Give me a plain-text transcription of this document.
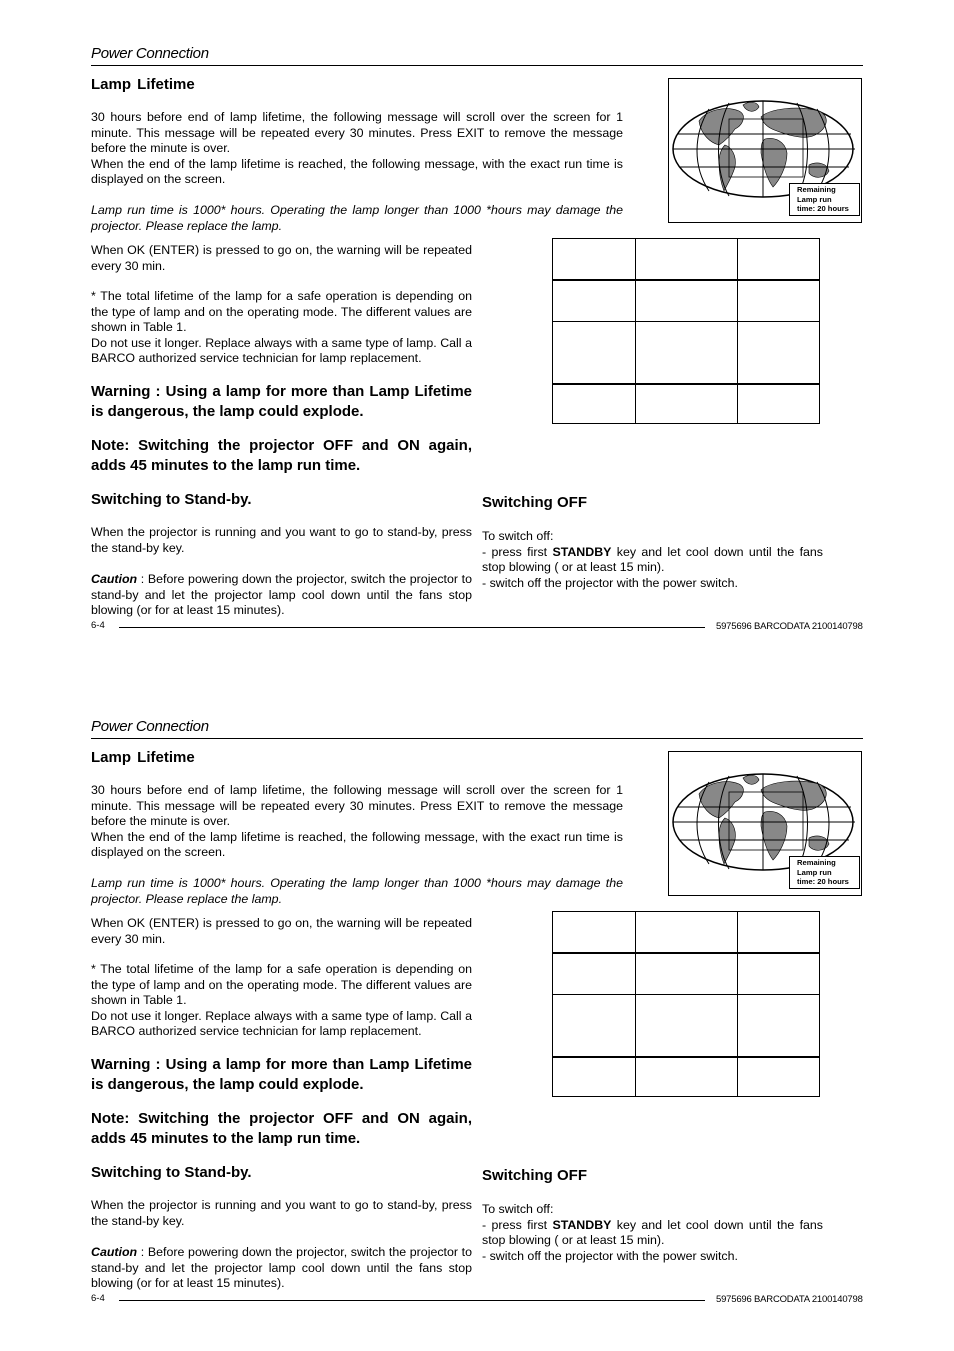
Power Connection
Lamp Lifetime
30 hours before end of lamp lifetime, the following message will scroll over the screen for 1 minute. This message will be repeated every 30 minutes. Press EXIT to remove the message before the minute is over.
When the end of the lamp lifetime is reached, the following message, with the exact run time is displayed on the screen.
Lamp run time is 1000* hours. Operating the lamp longer than 1000 *hours may damage the projector. Please replace the lamp.
When OK (ENTER) is pressed to go on, the warning will be repeated every 30 min.
* The total lifetime of the lamp for a safe operation is depending on the type of lamp and on the operating mode. The different values are shown in Table 1.
Do not use it longer. Replace always with a same type of lamp. Call a BARCO authorized service technician for lamp replacement.
Warning : Using a lamp for more than Lamp Lifetime is dangerous, the lamp could explode.
Note: Switching the projector OFF and ON again, adds 45 minutes to the lamp run time.
Switching to Stand-by.
When the projector is running and you want to go to stand-by, press the stand-by key.
Caution : Before powering down the projector, switch the projector to stand-by and let the projector lamp cool down until the fans stop blowing (or for at least 15 minutes).
Switching OFF
To switch off:
- press first STANDBY key and let cool down until the fans stop blowing ( or at least 15 min).
- switch off the projector with the power switch.
Remaining
Lamp run
time: 20 hours

6-4	5975696 BARCODATA 2100140798
Power Connection
Lamp Lifetime
30 hours before end of lamp lifetime, the following message will scroll over the screen for 1 minute. This message will be repeated every 30 minutes. Press EXIT to remove the message before the minute is over.
When the end of the lamp lifetime is reached, the following message, with the exact run time is displayed on the screen.
Lamp run time is 1000* hours. Operating the lamp longer than 1000 *hours may damage the projector. Please replace the lamp.
When OK (ENTER) is pressed to go on, the warning will be repeated every 30 min.
* The total lifetime of the lamp for a safe operation is depending on the type of lamp and on the operating mode. The different values are shown in Table 1.
Do not use it longer. Replace always with a same type of lamp. Call a BARCO authorized service technician for lamp replacement.
Warning : Using a lamp for more than Lamp Lifetime is dangerous, the lamp could explode.
Note: Switching the projector OFF and ON again, adds 45 minutes to the lamp run time.
Switching to Stand-by.
When the projector is running and you want to go to stand-by, press the stand-by key.
Caution : Before powering down the projector, switch the projector to stand-by and let the projector lamp cool down until the fans stop blowing (or for at least 15 minutes).
Switching OFF
To switch off:
- press first STANDBY key and let cool down until the fans stop blowing ( or at least 15 min).
- switch off the projector with the power switch.
Remaining
Lamp run
time: 20 hours

6-4	5975696 BARCODATA 2100140798
